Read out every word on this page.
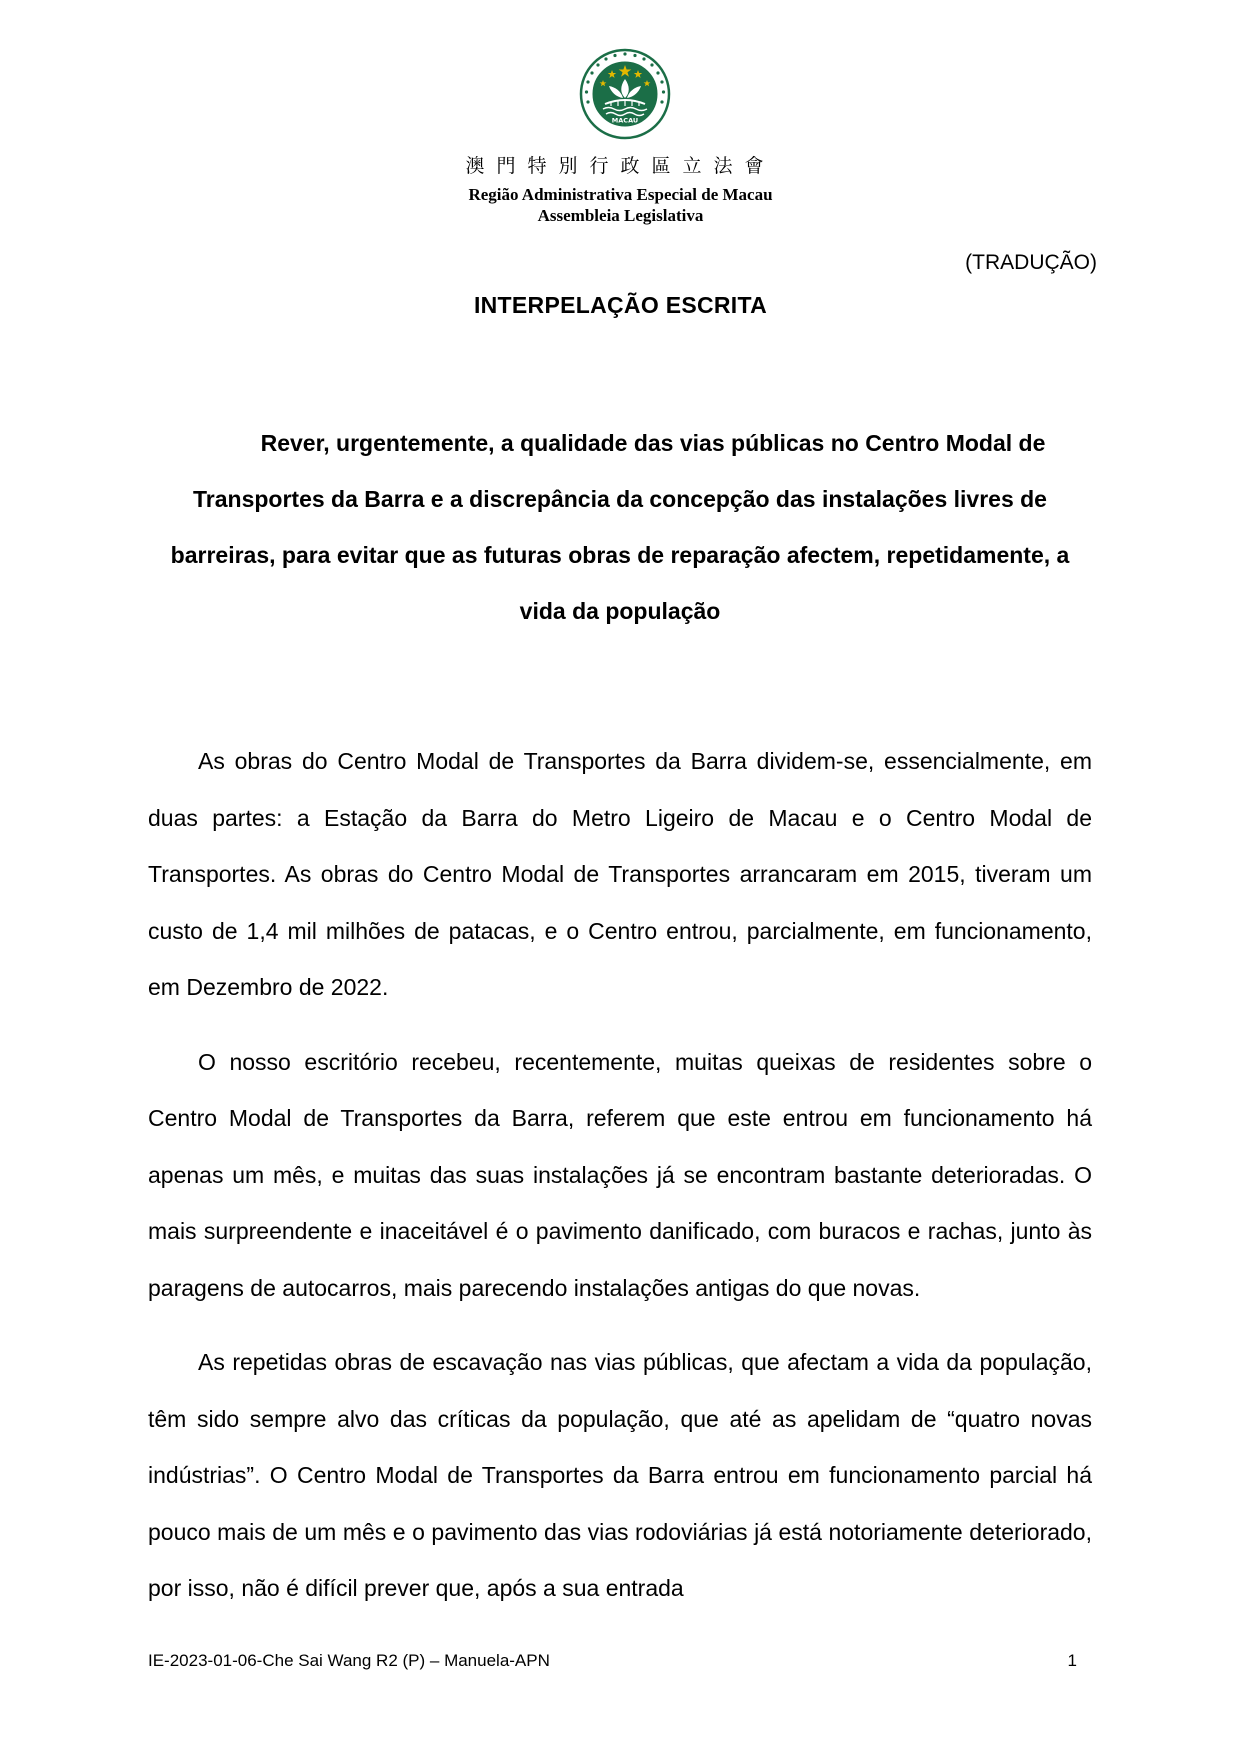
MACAU
澳門特別行政區立法會
Região Administrativa Especial de Macau
Assembleia Legislativa
(TRADUÇÃO)
INTERPELAÇÃO ESCRITA
Rever, urgentemente, a qualidade das vias públicas no Centro Modal de Transportes da Barra e a discrepância da concepção das instalações livres de barreiras, para evitar que as futuras obras de reparação afectem, repetidamente, a vida da população

As obras do Centro Modal de Transportes da Barra dividem-se, essencialmente, em duas partes: a Estação da Barra do Metro Ligeiro de Macau e o Centro Modal de Transportes. As obras do Centro Modal de Transportes arrancaram em 2015, tiveram um custo de 1,4 mil milhões de patacas, e o Centro entrou, parcialmente, em funcionamento, em Dezembro de 2022.

O nosso escritório recebeu, recentemente, muitas queixas de residentes sobre o Centro Modal de Transportes da Barra, referem que este entrou em funcionamento há apenas um mês, e muitas das suas instalações já se encontram bastante deterioradas. O mais surpreendente e inaceitável é o pavimento danificado, com buracos e rachas, junto às paragens de autocarros, mais parecendo instalações antigas do que novas.

As repetidas obras de escavação nas vias públicas, que afectam a vida da população, têm sido sempre alvo das críticas da população, que até as apelidam de “quatro novas indústrias”. O Centro Modal de Transportes da Barra entrou em funcionamento parcial há pouco mais de um mês e o pavimento das vias rodoviárias já está notoriamente deteriorado, por isso, não é difícil prever que, após a sua entrada

IE-2023-01-06-Che Sai Wang R2 (P) – Manuela-APN	1
